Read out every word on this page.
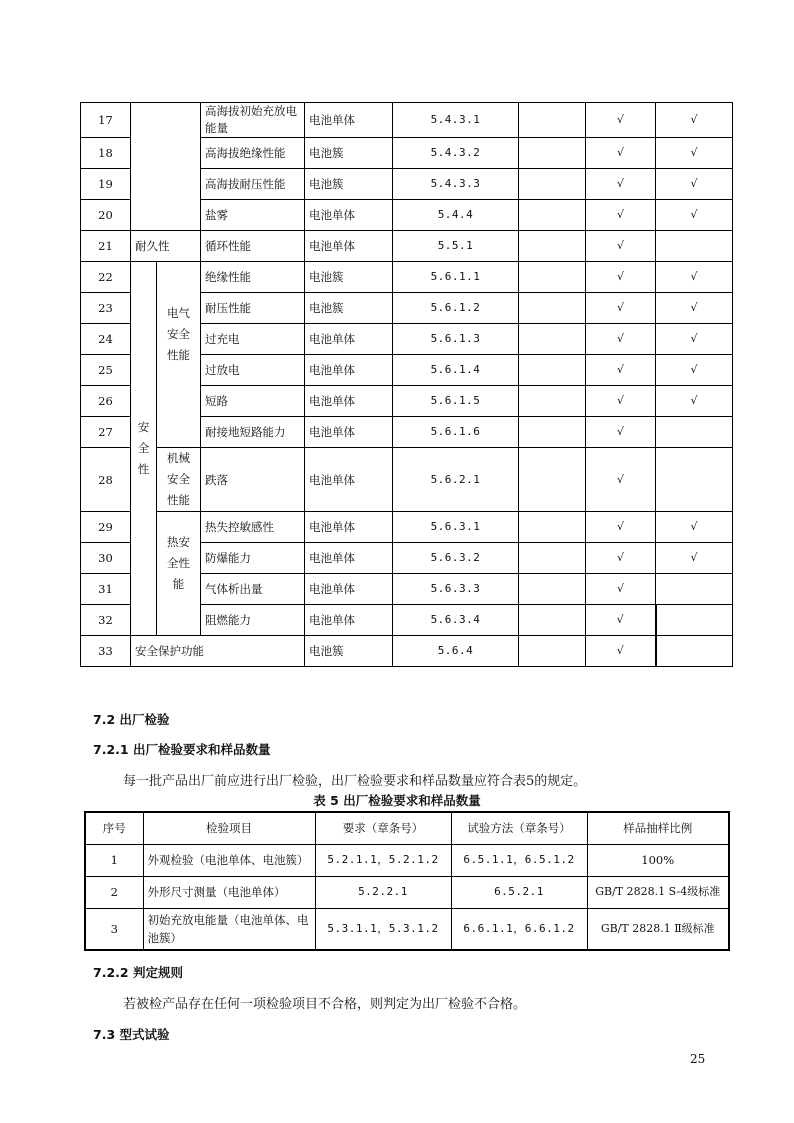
17			高海拔初始充放电能量	电池单体	5.4.3.1		√	√
18			高海拔绝缘性能	电池簇	5.4.3.2		√	√
19			高海拔耐压性能	电池簇	5.4.3.3		√	√
20			盐雾	电池单体	5.4.4		√	√
21	耐久性		循环性能	电池单体	5.5.1		√	
22	安全性	电气安全性能	绝缘性能	电池簇	5.6.1.1		√	√
23			耐压性能	电池簇	5.6.1.2		√	√
24			过充电	电池单体	5.6.1.3		√	√
25			过放电	电池单体	5.6.1.4		√	√
26			短路	电池单体	5.6.1.5		√	√
27			耐接地短路能力	电池单体	5.6.1.6		√	
28		机械安全性能	跌落	电池单体	5.6.2.1		√	
29		热安全性能	热失控敏感性	电池单体	5.6.3.1		√	√
30			防爆能力	电池单体	5.6.3.2		√	√
31			气体析出量	电池单体	5.6.3.3		√	
32			阻燃能力	电池单体	5.6.3.4		√	
33	安全保护功能			电池簇	5.6.4		√	
7.2 出厂检验
7.2.1 出厂检验要求和样品数量
每一批产品出厂前应进行出厂检验，出厂检验要求和样品数量应符合表5的规定。
表 5 出厂检验要求和样品数量
序号	检验项目	要求（章条号）	试验方法（章条号）	样品抽样比例
1	外观检验（电池单体、电池簇）	5.2.1.1，5.2.1.2	6.5.1.1，6.5.1.2	100%
2	外形尺寸测量（电池单体）	5.2.2.1	6.5.2.1	GB/T 2828.1 S-4级标准
3	初始充放电能量（电池单体、电池簇）	5.3.1.1，5.3.1.2	6.6.1.1，6.6.1.2	GB/T 2828.1 Ⅱ级标准
7.2.2 判定规则
若被检产品存在任何一项检验项目不合格，则判定为出厂检验不合格。
7.3 型式试验
25
